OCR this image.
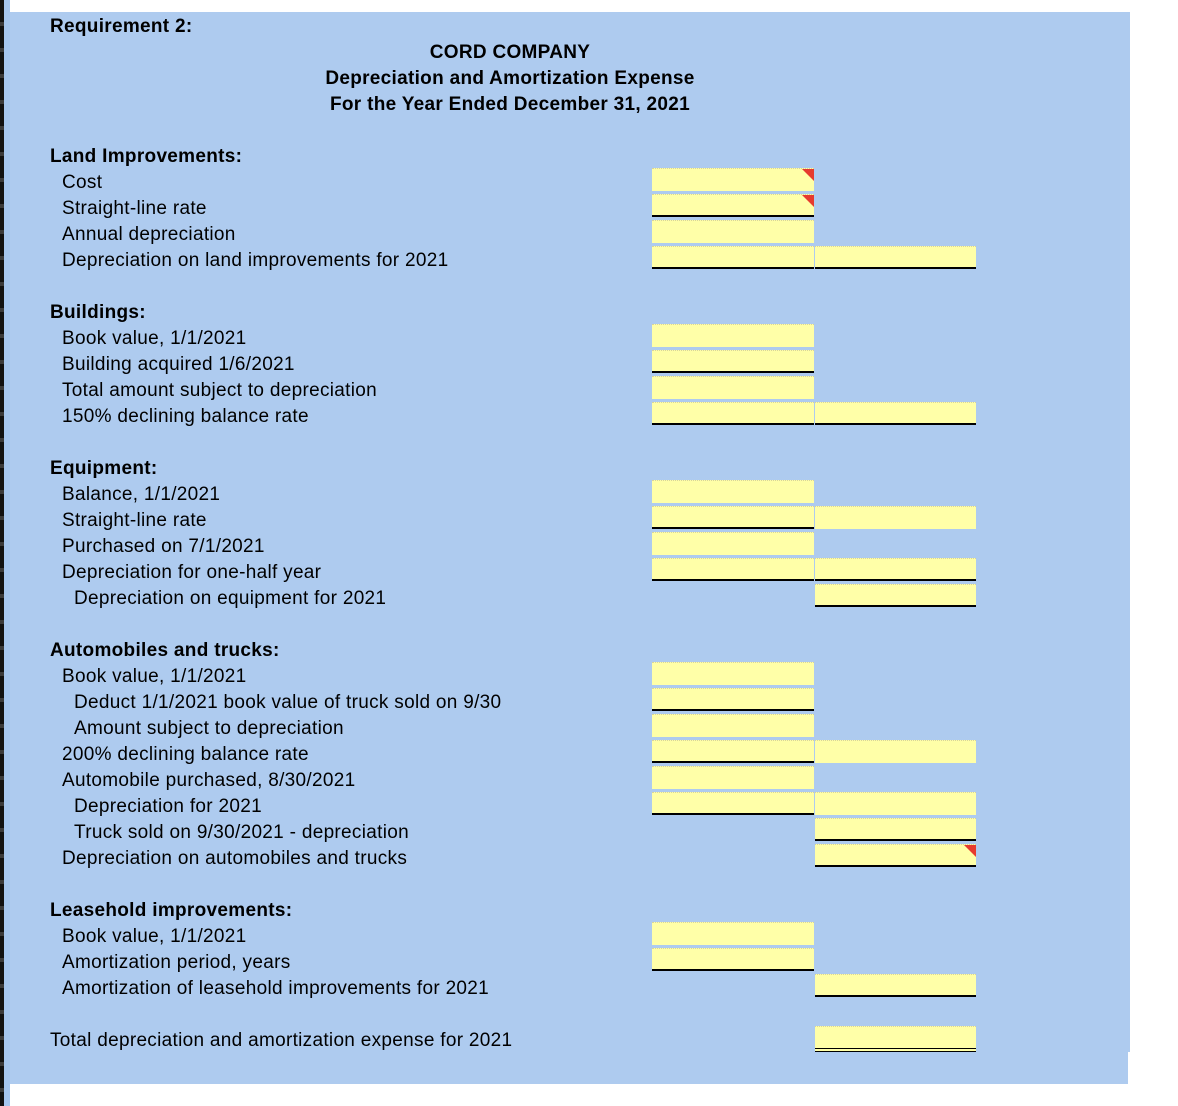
Requirement 2:
CORD COMPANY
Depreciation and Amortization Expense
For the Year Ended December 31, 2021
Land Improvements:
Cost
Straight-line rate
Annual depreciation
Depreciation on land improvements for 2021
Buildings:
Book value, 1/1/2021
Building acquired 1/6/2021
Total amount subject to depreciation
150% declining balance rate
Equipment:
Balance, 1/1/2021
Straight-line rate
Purchased on 7/1/2021
Depreciation for one-half year
Depreciation on equipment for 2021
Automobiles and trucks:
Book value, 1/1/2021
Deduct 1/1/2021 book value of truck sold on 9/30
Amount subject to depreciation
200% declining balance rate
Automobile purchased, 8/30/2021
Depreciation for 2021
Truck sold on 9/30/2021 - depreciation
Depreciation on automobiles and trucks
Leasehold improvements:
Book value, 1/1/2021
Amortization period, years
Amortization of leasehold improvements for 2021
Total depreciation and amortization expense for 2021
